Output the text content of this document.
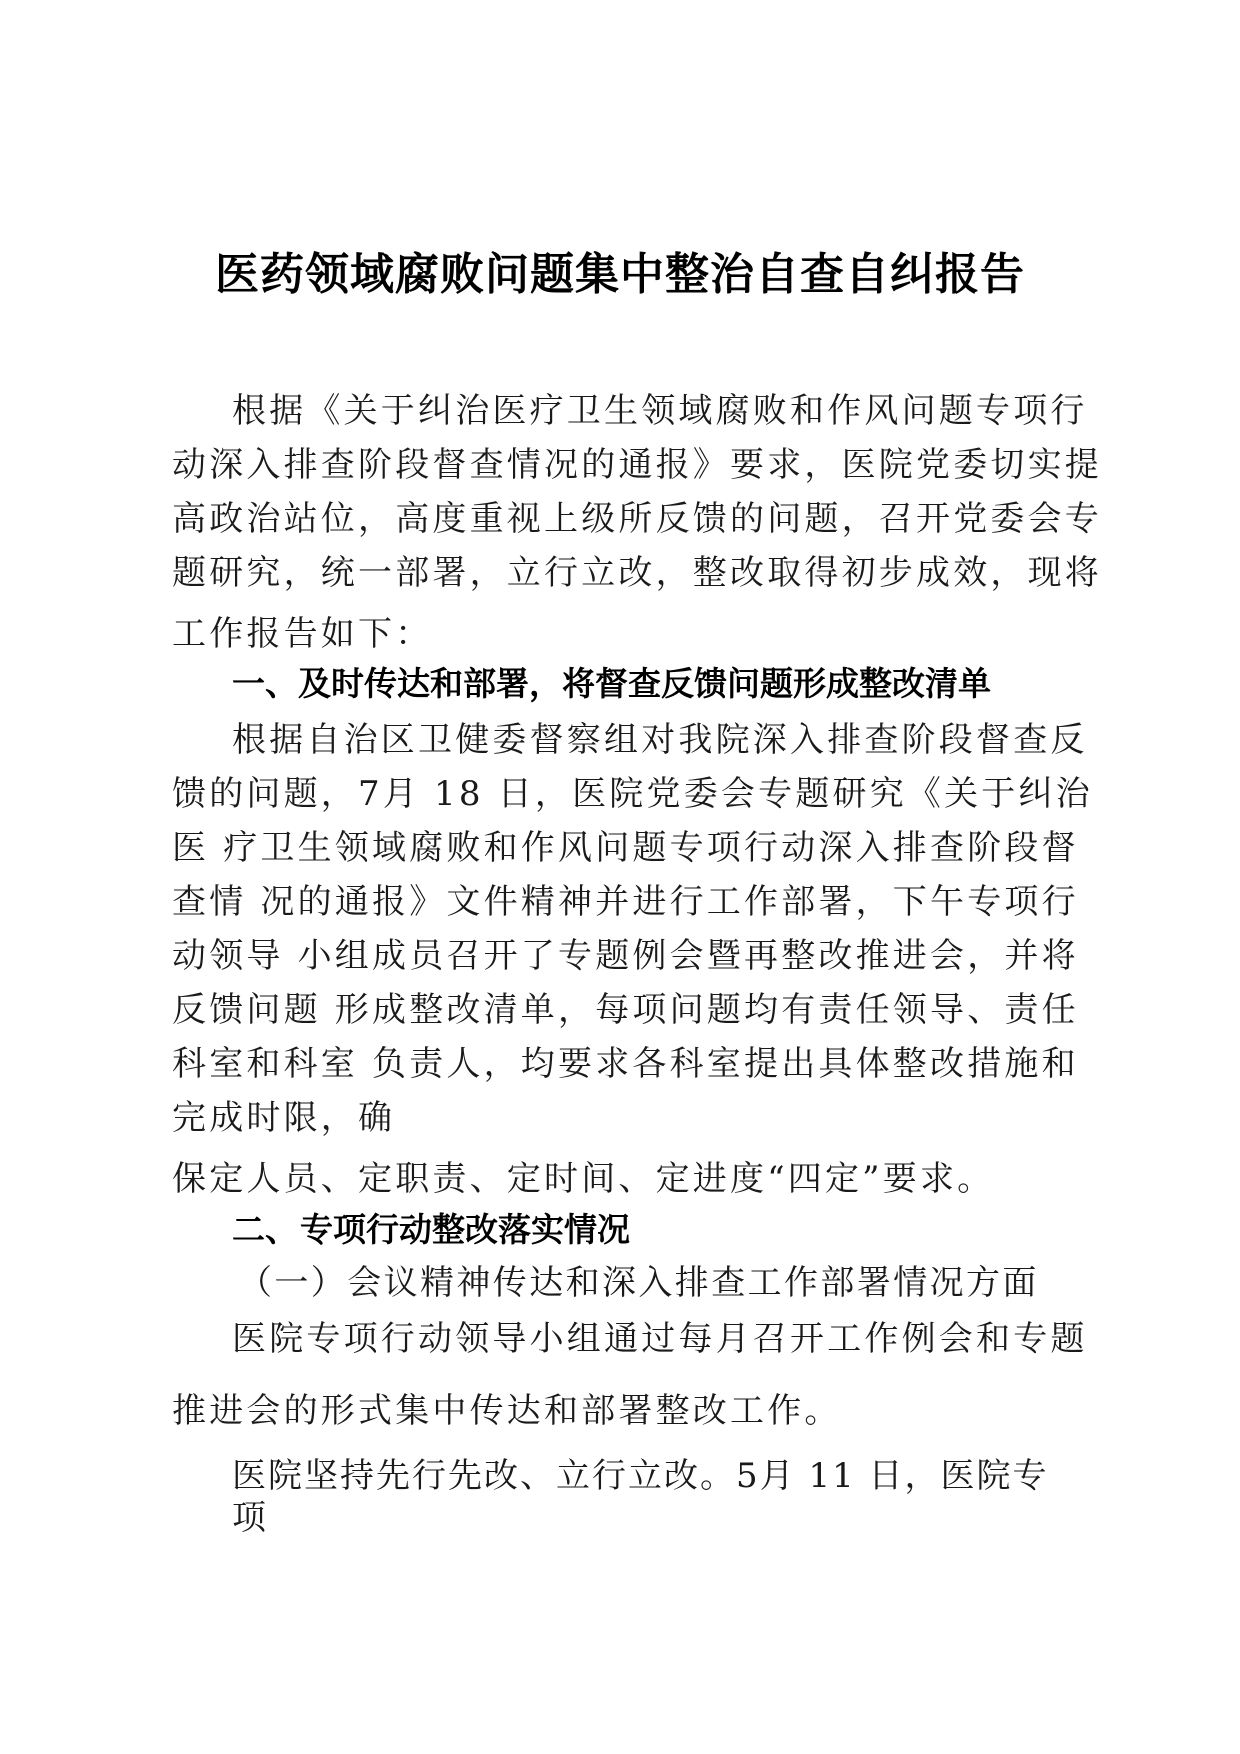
医药领域腐败问题集中整治自查自纠报告
根据《关于纠治医疗卫生领域腐败和作风问题专项行
动深入排查阶段督查情况的通报》要求，医院党委切实提
高政治站位，高度重视上级所反馈的问题，召开党委会专
题研究，统一部署，立行立改，整改取得初步成效，现将
工作报告如下：
一、及时传达和部署，将督查反馈问题形成整改清单
根据自治区卫健委督察组对我院深入排查阶段督查反
馈的问题，7月 18 日，医院党委会专题研究《关于纠治
医 疗卫生领域腐败和作风问题专项行动深入排查阶段督
查情 况的通报》文件精神并进行工作部署，下午专项行
动领导 小组成员召开了专题例会暨再整改推进会，并将
反馈问题 形成整改清单，每项问题均有责任领导、责任
科室和科室 负责人，均要求各科室提出具体整改措施和
完成时限，确
保定人员、定职责、定时间、定进度“四定”要求。
二、 专项行动整改落实情况
（一）会议精神传达和深入排查工作部署情况方面
医院专项行动领导小组通过每月召开工作例会和专题
推进会的形式集中传达和部署整改工作。
医院坚持先行先改、立行立改。5月 11 日，医院专
项
